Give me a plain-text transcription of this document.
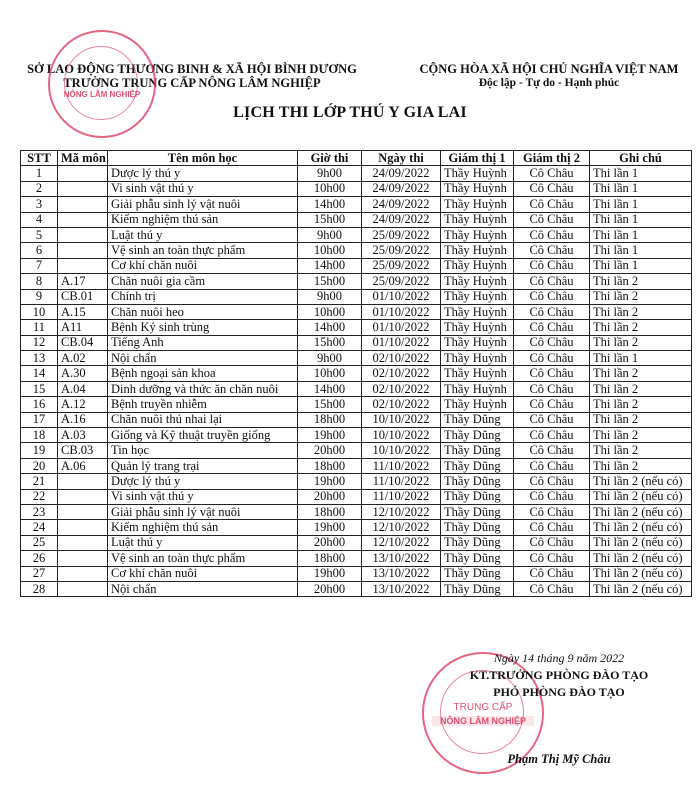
SỞ LAO ĐỘNG THƯƠNG BINH & XÃ HỘI BÌNH DƯƠNG
TRƯỜNG TRUNG CẤP NÔNG LÂM NGHIỆP
CỘNG HÒA XÃ HỘI CHỦ NGHĨA VIỆT NAM
Độc lập - Tự do - Hạnh phúc
NÔNG LÂM NGHIỆP
LỊCH THI LỚP THÚ Y GIA LAI
STT	Mã môn	Tên môn học	Giờ thi	Ngày thi	Giám thị 1	Giám thị 2	Ghi chú
1		Dược lý thú y	9h00	24/09/2022	Thầy Huỳnh	Cô Châu	Thi lần 1
2		Vi sinh vật thú y	10h00	24/09/2022	Thầy Huỳnh	Cô Châu	Thi lần 1
3		Giải phẫu sinh lý vật nuôi	14h00	24/09/2022	Thầy Huỳnh	Cô Châu	Thi lần 1
4		Kiểm nghiệm thú sản	15h00	24/09/2022	Thầy Huỳnh	Cô Châu	Thi lần 1
5		Luật thú y	9h00	25/09/2022	Thầy Huỳnh	Cô Châu	Thi lần 1
6		Vệ sinh an toàn thực phẩm	10h00	25/09/2022	Thầy Huỳnh	Cô Châu	Thi lần 1
7		Cơ khí chăn nuôi	14h00	25/09/2022	Thầy Huỳnh	Cô Châu	Thi lần 1
8	A.17	Chăn nuôi gia cầm	15h00	25/09/2022	Thầy Huỳnh	Cô Châu	Thi lần 2
9	CB.01	Chính trị	9h00	01/10/2022	Thầy Huỳnh	Cô Châu	Thi lần 2
10	A.15	Chăn nuôi heo	10h00	01/10/2022	Thầy Huỳnh	Cô Châu	Thi lần 2
11	A11	Bệnh Ký sinh trùng	14h00	01/10/2022	Thầy Huỳnh	Cô Châu	Thi lần 2
12	CB.04	Tiếng Anh	15h00	01/10/2022	Thầy Huỳnh	Cô Châu	Thi lần 2
13	A.02	Nội chẩn	9h00	02/10/2022	Thầy Huỳnh	Cô Châu	Thi lần 1
14	A.30	Bệnh ngoại sản khoa	10h00	02/10/2022	Thầy Huỳnh	Cô Châu	Thi lần 2
15	A.04	Dinh dưỡng và thức ăn chăn nuôi	14h00	02/10/2022	Thầy Huỳnh	Cô Châu	Thi lần 2
16	A.12	Bệnh truyền nhiễm	15h00	02/10/2022	Thầy Huỳnh	Cô Châu	Thi lần 2
17	A.16	Chăn nuôi thú nhai lại	18h00	10/10/2022	Thầy Dũng	Cô Châu	Thi lần 2
18	A.03	Giống và Kỹ thuật truyền giống	19h00	10/10/2022	Thầy Dũng	Cô Châu	Thi lần 2
19	CB.03	Tin học	20h00	10/10/2022	Thầy Dũng	Cô Châu	Thi lần 2
20	A.06	Quản lý trang trại	18h00	11/10/2022	Thầy Dũng	Cô Châu	Thi lần 2
21		Dược lý thú y	19h00	11/10/2022	Thầy Dũng	Cô Châu	Thi lần 2 (nếu có)
22		Vi sinh vật thú y	20h00	11/10/2022	Thầy Dũng	Cô Châu	Thi lần 2 (nếu có)
23		Giải phẫu sinh lý vật nuôi	18h00	12/10/2022	Thầy Dũng	Cô Châu	Thi lần 2 (nếu có)
24		Kiểm nghiệm thú sản	19h00	12/10/2022	Thầy Dũng	Cô Châu	Thi lần 2 (nếu có)
25		Luật thú y	20h00	12/10/2022	Thầy Dũng	Cô Châu	Thi lần 2 (nếu có)
26		Vệ sinh an toàn thực phẩm	18h00	13/10/2022	Thầy Dũng	Cô Châu	Thi lần 2 (nếu có)
27		Cơ khí chăn nuôi	19h00	13/10/2022	Thầy Dũng	Cô Châu	Thi lần 2 (nếu có)
28		Nội chẩn	20h00	13/10/2022	Thầy Dũng	Cô Châu	Thi lần 2 (nếu có)
TRUNG CẤP
NÔNG LÂM NGHIỆP
Ngày 14 tháng 9 năm 2022
KT.TRƯỞNG PHÒNG ĐÀO TẠO
PHÓ PHÒNG ĐÀO TẠO
Phạm Thị Mỹ Châu
